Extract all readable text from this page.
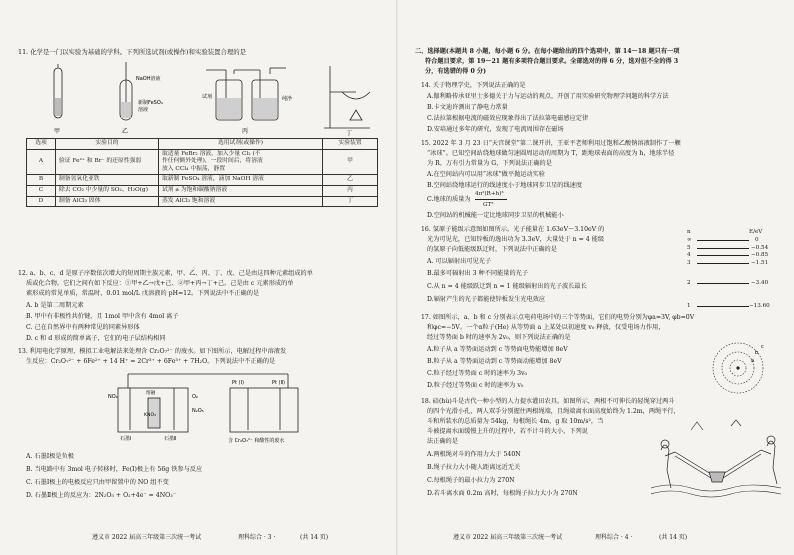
11. 化学是一门以实验为基础的学科。下列所选试剂(或操作)和实验装置合理的是
NaOH溶液
新制FeSO₄
溶液
试剂	纯净
甲	乙	丙	丁
选项	实验目的	选用试剂(或操作)	实验装置
A	验证 Fe²⁺ 和 Br⁻ 的还原性强弱	取适量 FeBr₂ 溶液，加入少量 Cl₂ (不
作任何额外处理)，一段时间后，将溶液
放入 CCl₄ 中振荡，静置	甲
B	制备氢氧化亚铁	取新制 FeSO₄ 溶液，滴加 NaOH 溶液	乙
C	除去 CO₂ 中少量的 SO₂、H₂O(g)	试剂 a 为饱和碳酸钠溶液	丙
D	制备 AlCl₃ 固体	蒸发 AlCl₃ 饱和溶液	丁
12. a、b、c、d 是原子序数依次增大的短周期主族元素，甲、乙、丙、丁、戊、己是由这四种元素组成的单
质或化合物。它们之间有如下反应：①甲+乙→戊+己、②甲+丙→丁+己。己是由 c 元素形成的单
素形成的常见单质，常温时，0.01 mol/L 戊溶液的 pH=12。下列说法中不正确的是
A. b 是第二周期元素
B. 甲中有非极性共价键，且 1mol 甲中含有 4mol 离子
C. 己在自然界中有两种常见的同素异形体
D. c 和 d 形成的简单离子，它们的电子层结构相同
13. 利用电化学原理，模拟工业电解法来处理含 Cr₂O₇²⁻ 的废水。如下图所示，电解过程中溶液发
生反应：Cr₂O₇²⁻ + 6Fe²⁺ + 14 H⁺ = 2Cr³⁺ + 6Fe³⁺ + 7H₂O。下列说法中不正确的是
NO₂	O₂
N₂O₅
石墨Ⅰ	石墨Ⅱ
熔融
KNO₃
Pt (Ⅰ)	Pt (Ⅱ)
含 Cr₂O₇²⁻ 和酸性的废水
A. 石墨Ⅰ极是负极
B. 当电路中有 3mol 电子转移时，Fe(Ⅰ)极上有 56g 铁参与反应
C. 石墨Ⅰ极上的电极反应只由甲留置中的 NO 组不变
D. 石墨Ⅱ极上的反应为：2N₂O₅ + O₂+4e⁻ = 4NO₃⁻
遵义市 2022 届高三年级第三次统一考试	理科综合 · 3 ·	(共 14 页)
二、选择题(本题共 8 小题，每小题 6 分。在每小题给出的四个选项中，第 14～18 题只有一项
符合题目要求，第 19～21 题有多项符合题目要求。全部选对的得 6 分，选对但不全的得 3
分，有选错的得 0 分)
14. 关于物理学史，下列说法正确的是
A.伽利略传承亚里士多德关于力与运动的观点，开创了用实验研究物理学问题的科学方法
B.卡文迪许测出了静电力常量
C.法拉第根据电流的磁效应现象得出了法拉第电磁感应定律
D.安培通过多年的研究，发现了电流周围存在磁场
15. 2022 年 3 月 23 日“天宫课堂”第二课开讲，王亚平老师利用过饱和乙酸钠溶液制作了一颗
“冰球”。已知空间站绕地球做匀速圆周运动的周期为 T，距地球表面的高度为 h，地球半径
为 R，万有引力常量为 G，下列说法正确的是
A.在空间站内可以用“冰球”做平抛运动实验
B.空间站绕地球运行的线速度小于地球同步卫星的线速度
C.地球的质量为
4π²(R+h)³
GT²
D.空间站的机械能一定比地球同步卫星的机械能小
16. 氢原子能级示意图如图所示。光子能量在 1.63eV～3.10eV 的
光为可见光，已知锌板的逸出功为 3.3eV，大量处于 n = 4 能级
的氢原子向低能级跃迁时，下列说法中正确的是
A. 可以辐射出可见光子
B.最多可辐射出 3 种不同能量的光子
C.从 n = 4 能级跃迁到 n = 1 能级辐射出的光子波长最长
D.辐射产生的光子都能使锌板发生光电效应
n	E/eV
∞	0
5	−0.54
4	−0.85
3	−1.51
2	−3.40
1	−13.60
17. 如图所示，a、b 和 c 分别表示点电荷电场中的三个等势面，它们的电势分别为φa=3V, φb=0V
和φc=−5V。一个α粒子(He) 从等势面 a 上某处以初速度 v₀ 释放，仅受电场力作用，
经过等势面 b 时的速率为 2v₀，则下列说法正确的是
A.粒子从 a 等势面运动到 c 等势面电势能增加 8eV
B.粒子从 a 等势面运动到 c 等势面动能增加 8eV
C.粒子经过等势面 c 时的速率为 3v₀
D.粒子经过等势面 c 时的速率为 v₀
a
b
c
18. 碚(hù)斗是古代一种小型的人力提水灌田农具。如图所示，两根不可伸长的轻绳穿过两斗
的四个光滑小孔，两人双手分别握住两根绳端，且绳端离水面高度始终为 1.2m，两绳平行，
斗和所装水的总质量为 54kg，每根绳长 4m，g 取 10m/s²，当
斗被提离水面缓慢上升的过程中，若不计斗的大小，下列说
法正确的是
A.两根绳对斗的作用力大于 540N
B.绳子拉力大小随人距离远近无关
C.每根绳子的最小拉力为 270N
D.若斗离水面 0.2m 高时，每根绳子拉力大小为 270N
遵义市 2022 届高三年级第三次统一考试	理科综合 · 4 ·	(共 14 页)
